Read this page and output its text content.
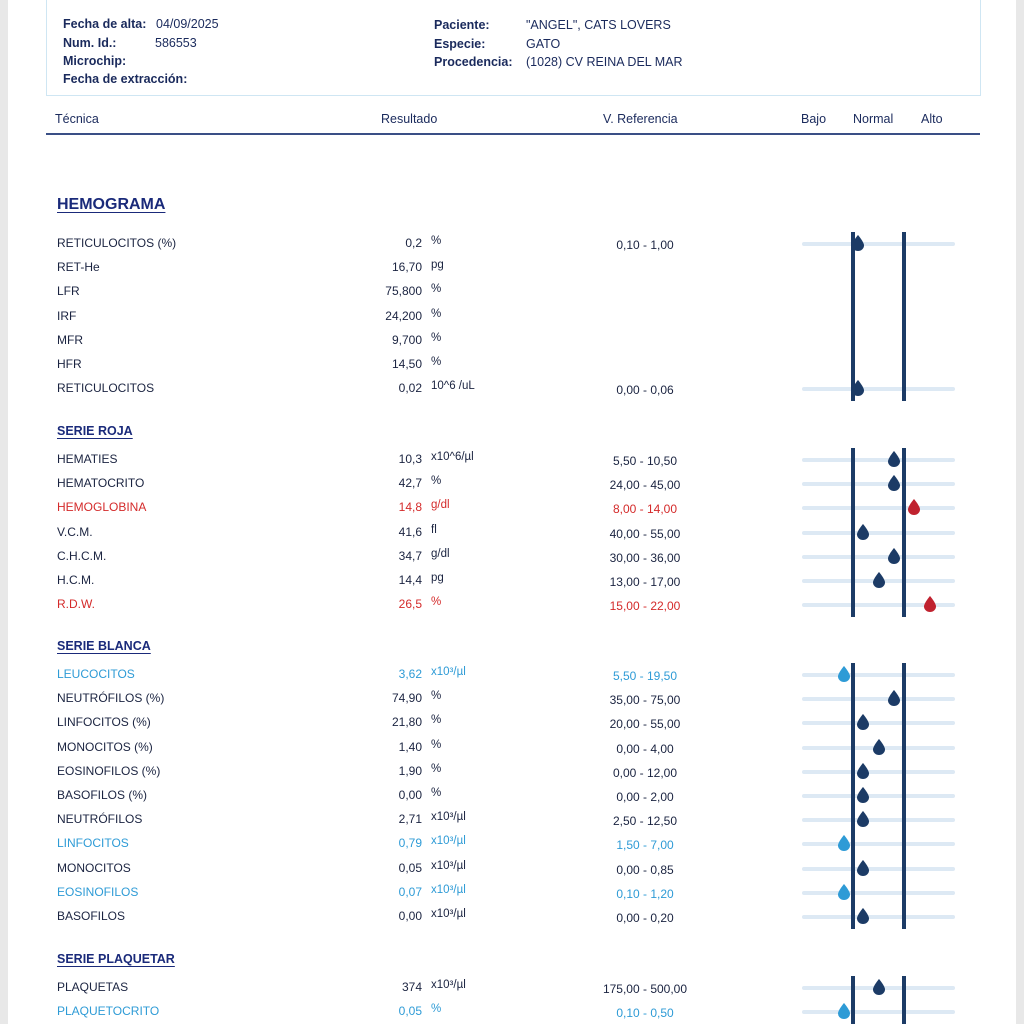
Fecha de alta: 04/09/2025
Num. Id.:	586553
Microchip:
Fecha de extracción:
Paciente:	"ANGEL", CATS LOVERS
Especie:	GATO
Procedencia: (1028) CV REINA DEL MAR
Técnica	Resultado	V. Referencia	Bajo Normal Alto
HEMOGRAMA
RETICULOCITOS (%)	0,2 %	0,10 - 1,00
RET-He	16,70 pg
LFR	75,800 %
IRF	24,200 %
MFR	9,700 %
HFR	14,50 %
RETICULOCITOS	0,02 10^6 /uL	0,00 - 0,06
SERIE ROJA
HEMATIES	10,3 x10^6/µl	5,50 - 10,50
HEMATOCRITO	42,7 %	24,00 - 45,00
HEMOGLOBINA	14,8 g/dl	8,00 - 14,00
V.C.M.	41,6 fl	40,00 - 55,00
C.H.C.M.	34,7 g/dl	30,00 - 36,00
H.C.M.	14,4 pg	13,00 - 17,00
R.D.W.	26,5 %	15,00 - 22,00
SERIE BLANCA
LEUCOCITOS	3,62 x10³/µl	5,50 - 19,50
NEUTRÓFILOS (%)	74,90 %	35,00 - 75,00
LINFOCITOS (%)	21,80 %	20,00 - 55,00
MONOCITOS (%)	1,40 %	0,00 - 4,00
EOSINOFILOS (%)	1,90 %	0,00 - 12,00
BASOFILOS (%)	0,00 %	0,00 - 2,00
NEUTRÓFILOS	2,71 x10³/µl	2,50 - 12,50
LINFOCITOS	0,79 x10³/µl	1,50 - 7,00
MONOCITOS	0,05 x10³/µl	0,00 - 0,85
EOSINOFILOS	0,07 x10³/µl	0,10 - 1,20
BASOFILOS	0,00 x10³/µl	0,00 - 0,20
SERIE PLAQUETAR
PLAQUETAS	374 x10³/µl	175,00 - 500,00
PLAQUETOCRITO	0,05 %	0,10 - 0,50
